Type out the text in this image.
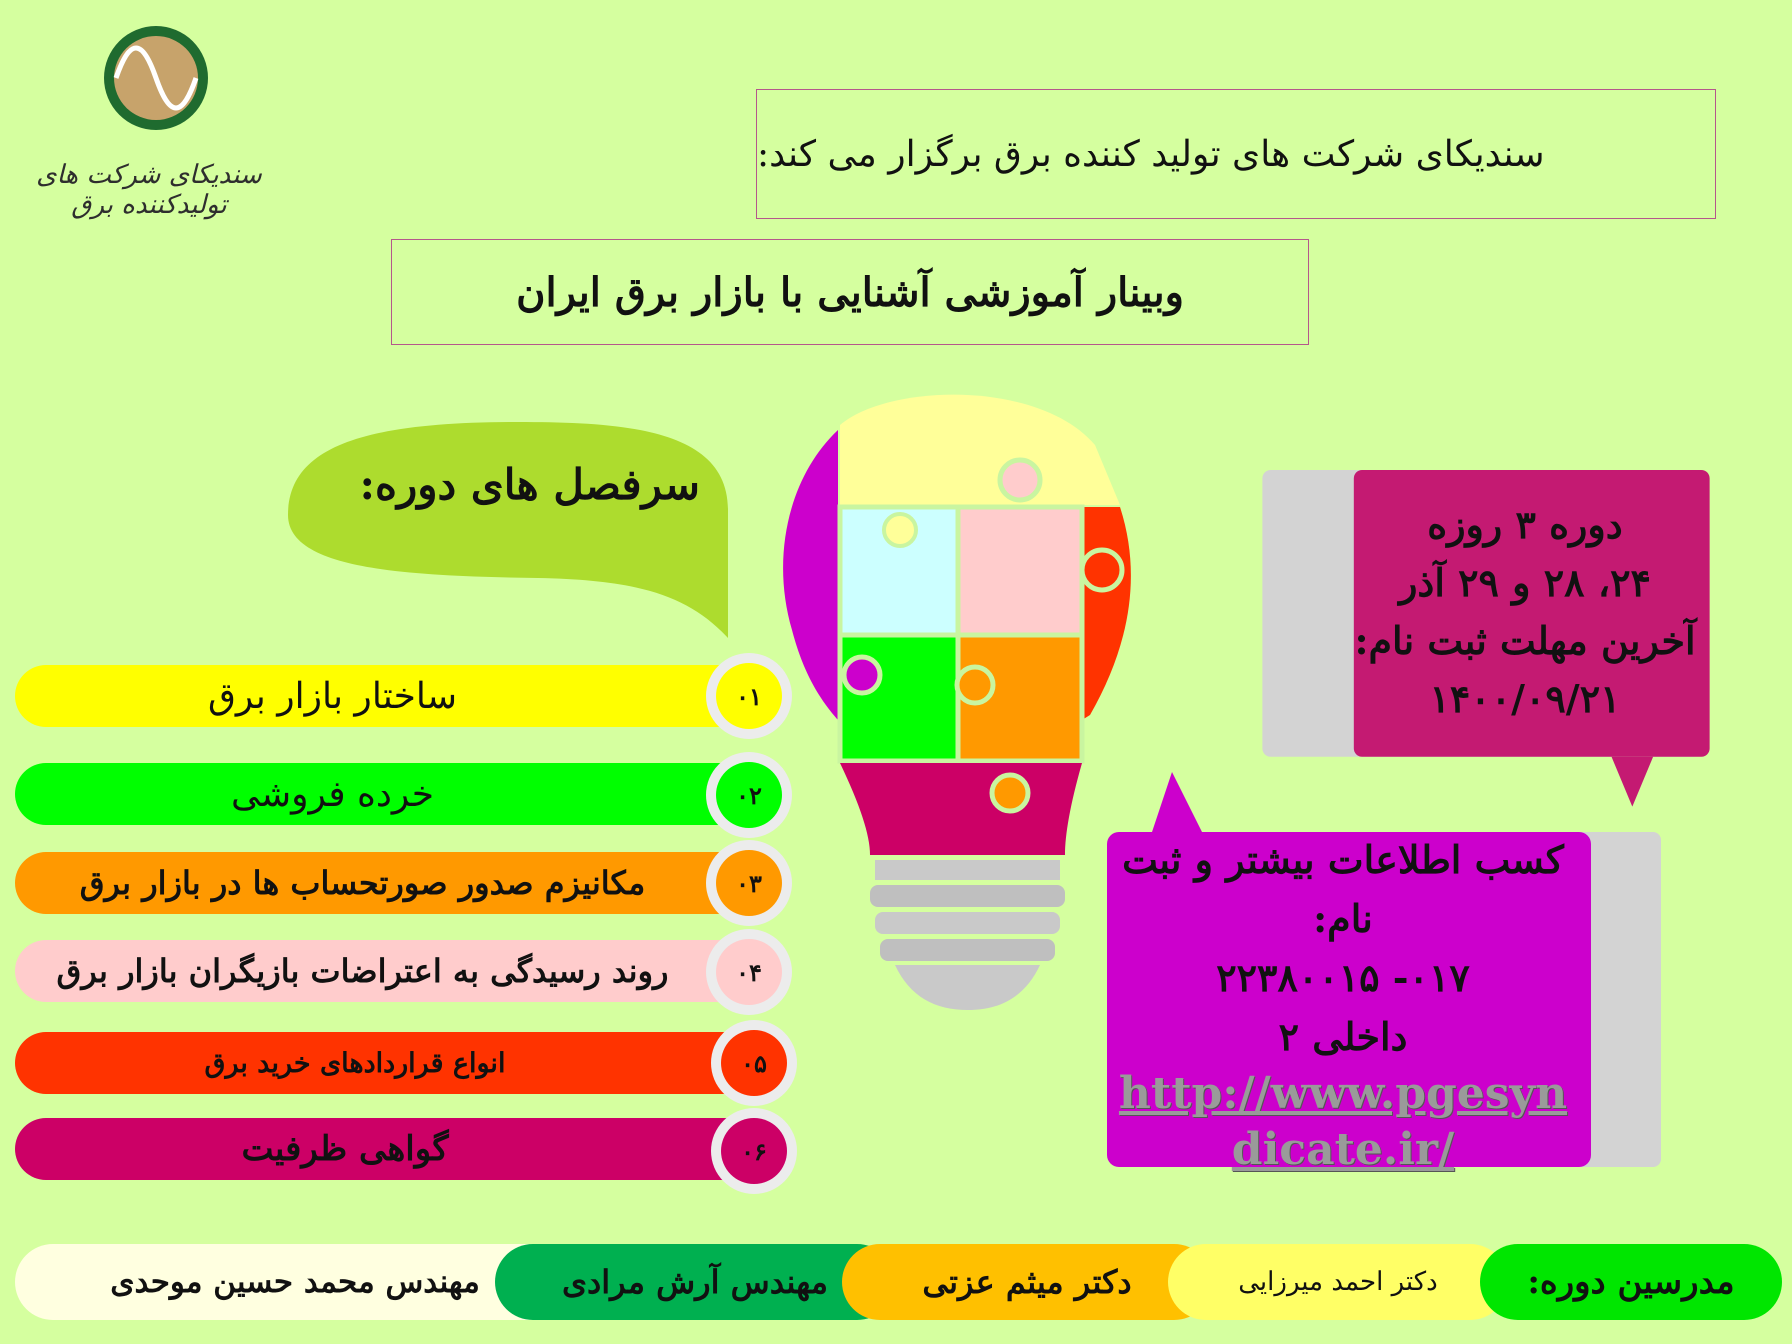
سندیکای شرکت های تولیدکننده برق
سندیکای شرکت های تولید کننده برق برگزار می کند:
وبینار آموزشی آشنایی با بازار برق ایران
سرفصل های دوره:
ساختار بازار برق	۰۱
خرده فروشی	۰۲
مکانیزم صدور صورتحساب ها در بازار برق	۰۳
روند رسیدگی به اعتراضات بازیگران بازار برق	۰۴
انواع قراردادهای خرید برق	۰۵
گواهی ظرفیت	۰۶
دوره ۳ روزه
۲۴، ۲۸ و ۲۹ آذر
آخرین مهلت ثبت نام:
۱۴۰۰/۰۹/۲۱
کسب اطلاعات بیشتر و ثبت
نام:
۰۱۷- ۲۲۳۸۰۰۱۵
داخلی ۲
http://www.pgesyndicate.ir/
مهندس محمد حسین موحدی	مهندس آرش مرادی	دکتر میثم عزتی	دکتر احمد میرزایی	مدرسین دوره:
